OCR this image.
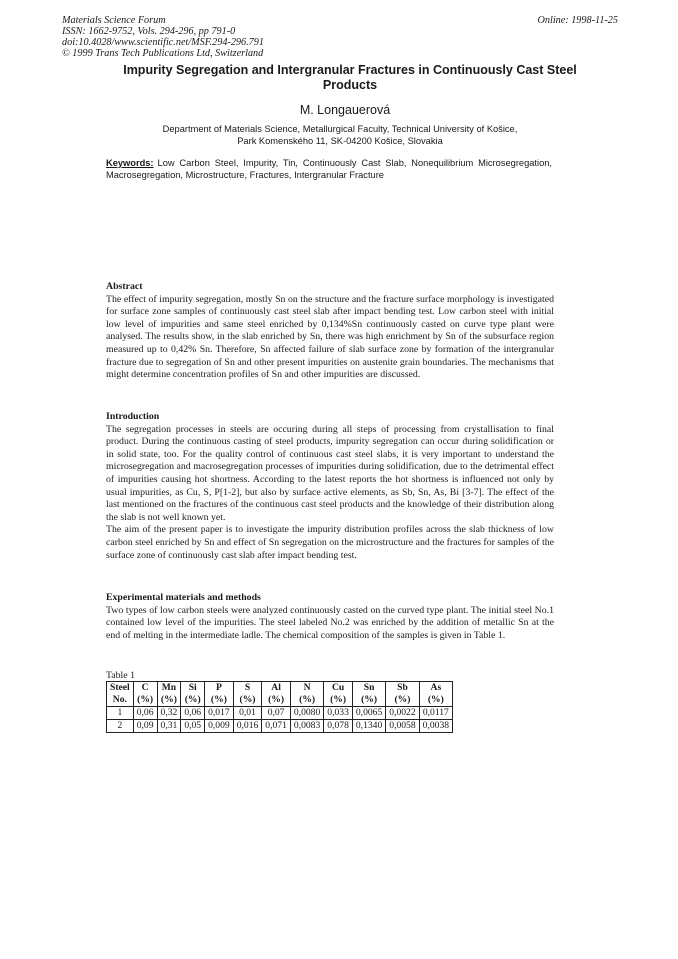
Materials Science Forum
ISSN: 1662-9752, Vols. 294-296, pp 791-0
doi:10.4028/www.scientific.net/MSF.294-296.791
© 1999 Trans Tech Publications Ltd, Switzerland
Online: 1998-11-25
Impurity Segregation and Intergranular Fractures in Continuously Cast Steel Products
M. Longauerová
Department of Materials Science, Metallurgical Faculty, Technical University of Košice,
Park Komenského 11, SK-04200 Košice, Slovakia
Keywords: Low Carbon Steel, Impurity, Tin, Continuously Cast Slab, Nonequilibrium Microsegregation, Macrosegregation, Microstructure, Fractures, Intergranular Fracture
Abstract

The effect of impurity segregation, mostly Sn on the structure and the fracture surface morphology is investigated for surface zone samples of continuously cast steel slab after impact bending test. Low carbon steel with initial low level of impurities and same steel enriched by 0,134%Sn continuously casted on curve type plant were analysed. The results show, in the slab enriched by Sn, there was high enrichment by Sn of the subsurface region measured up to 0,42% Sn. Therefore, Sn affected failure of slab surface zone by formation of the intergranular fracture due to segregation of Sn and other present impurities on austenite grain boundaries. The mechanisms that might determine concentration profiles of Sn and other impurities are discussed.

Introduction

The segregation processes in steels are occuring during all steps of processing from crystallisation to final product. During the continuous casting of steel products, impurity segregation can occur during solidification or in solid state, too. For the quality control of continuous cast steel slabs, it is very important to understand the microsegregation and macrosegregation processes of impurities during solidification, due to the detrimental effect of impurities causing hot shortness. According to the latest reports the hot shortness is influenced not only by usual impurities, as Cu, S, P[1-2], but also by surface active elements, as Sb, Sn, As, Bi [3-7]. The effect of the last mentioned on the fractures of the continuous cast steel products and the knowledge of their distribution along the slab is not well known yet.

The aim of the present paper is to investigate the impurity distribution profiles across the slab thickness of low carbon steel enriched by Sn and effect of Sn segregation on the microstructure and the fractures for samples of the surface zone of continuously cast slab after impact bending test.

Experimental materials and methods

Two types of low carbon steels were analyzed continuously casted on the curved type plant. The initial steel No.1 contained low level of the impurities. The steel labeled No.2 was enriched by the addition of metallic Sn at the end of melting in the intermediate ladle. The chemical composition of the samples is given in Table 1.

Table 1
Steel	C	Mn	Si	P	S	Al	N	Cu	Sn	Sb	As
No.	(%)	(%)	(%)	(%)	(%)	(%)	(%)	(%)	(%)	(%)	(%)
1	0,06	0,32	0,06	0,017	0,01	0,07	0,0080	0,033	0,0065	0,0022	0,0117
2	0,09	0,31	0,05	0,009	0,016	0,071	0,0083	0,078	0,1340	0,0058	0,0038
